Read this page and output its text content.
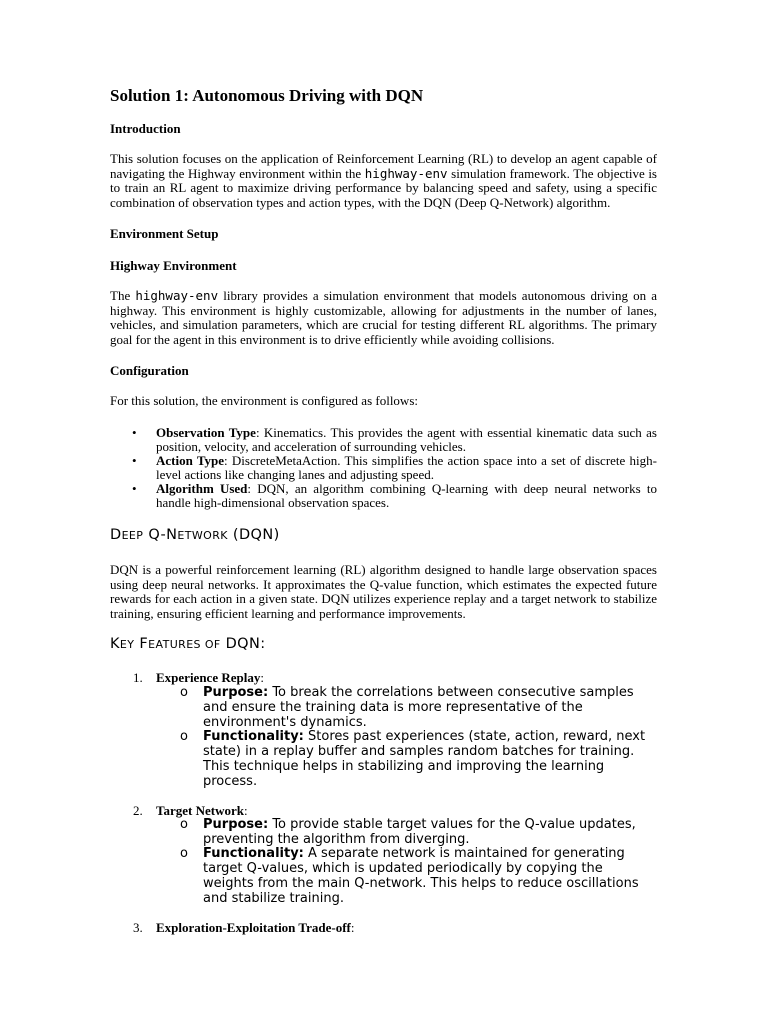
Solution 1: Autonomous Driving with DQN
Introduction

This solution focuses on the application of Reinforcement Learning (RL) to develop an agent capable of navigating the Highway environment within the highway-env simulation framework. The objective is to train an RL agent to maximize driving performance by balancing speed and safety, using a specific combination of observation types and action types, with the DQN (Deep Q-Network) algorithm.

Environment Setup
Highway Environment

The highway-env library provides a simulation environment that models autonomous driving on a highway. This environment is highly customizable, allowing for adjustments in the number of lanes, vehicles, and simulation parameters, which are crucial for testing different RL algorithms. The primary goal for the agent in this environment is to drive efficiently while avoiding collisions.

Configuration

For this solution, the environment is configured as follows:

• Observation Type: Kinematics. This provides the agent with essential kinematic data such as position, velocity, and acceleration of surrounding vehicles.
• Action Type: DiscreteMetaAction. This simplifies the action space into a set of discrete high-level actions like changing lanes and adjusting speed.
• Algorithm Used: DQN, an algorithm combining Q-learning with deep neural networks to handle high-dimensional observation spaces.
DEEP Q-NETWORK (DQN)

DQN is a powerful reinforcement learning (RL) algorithm designed to handle large observation spaces using deep neural networks. It approximates the Q-value function, which estimates the expected future rewards for each action in a given state. DQN utilizes experience replay and a target network to stabilize training, ensuring efficient learning and performance improvements.

KEY FEATURES OF DQN:
1. Experience Replay:
o Purpose: To break the correlations between consecutive samples and ensure the training data is more representative of the environment's dynamics.
o Functionality: Stores past experiences (state, action, reward, next state) in a replay buffer and samples random batches for training. This technique helps in stabilizing and improving the learning process.
2. Target Network:
o Purpose: To provide stable target values for the Q-value updates, preventing the algorithm from diverging.
o Functionality: A separate network is maintained for generating target Q-values, which is updated periodically by copying the weights from the main Q-network. This helps to reduce oscillations and stabilize training.
3. Exploration-Exploitation Trade-off:
